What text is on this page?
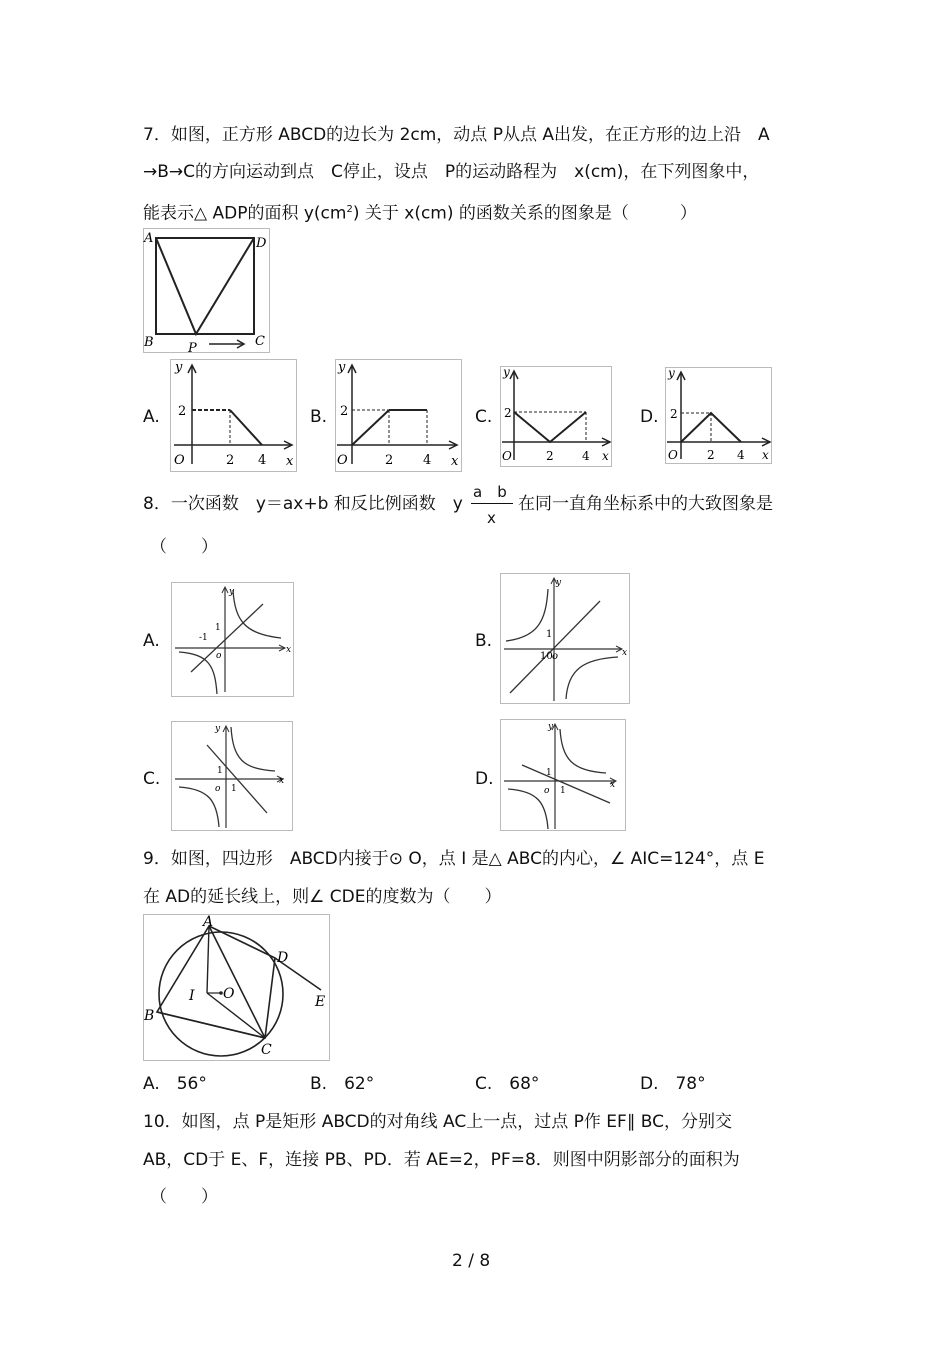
7．如图，正方形 ABCD的边长为 2cm，动点 P从点 A出发，在正方形的边上沿　A
→B→C的方向运动到点　C停止，设点　P的运动路程为　x(cm)，在下列图象中，
能表示△ ADP的面积 $y(cm^2)$ 关于 x(cm) 的函数关系的图象是（　　　）
A	D
B	C
P
A.	B.	C.	D.
y
2
O	2 4 x
y
2
O	2 4 x
y
2
O	2 4 x
y
2
O 2 4 x
8．一次函数　y＝ax+b 和反比例函数　y
a　b
x
在同一直角坐标系中的大致图象是
（　　）
A.	B.
C.	D.
1
-1
o
y
x
1
10 o
y
x
1
o 1
y
x
1
o 1
y
x
9．如图，四边形　ABCD内接于⊙ O，点 I 是△ ABC的内心，∠ AIC=124°，点 E
在 AD的延长线上，则∠ CDE的度数为（　　）
A
D
E
B
C
I O
A.　56°	B.　62°	C.　68°	D.　78°
10．如图，点 P是矩形 ABCD的对角线 AC上一点，过点 P作 EF∥ BC，分别交
AB，CD于 E、F，连接 PB、PD．若 AE=2，PF=8．则图中阴影部分的面积为
（　　）
2 / 8
